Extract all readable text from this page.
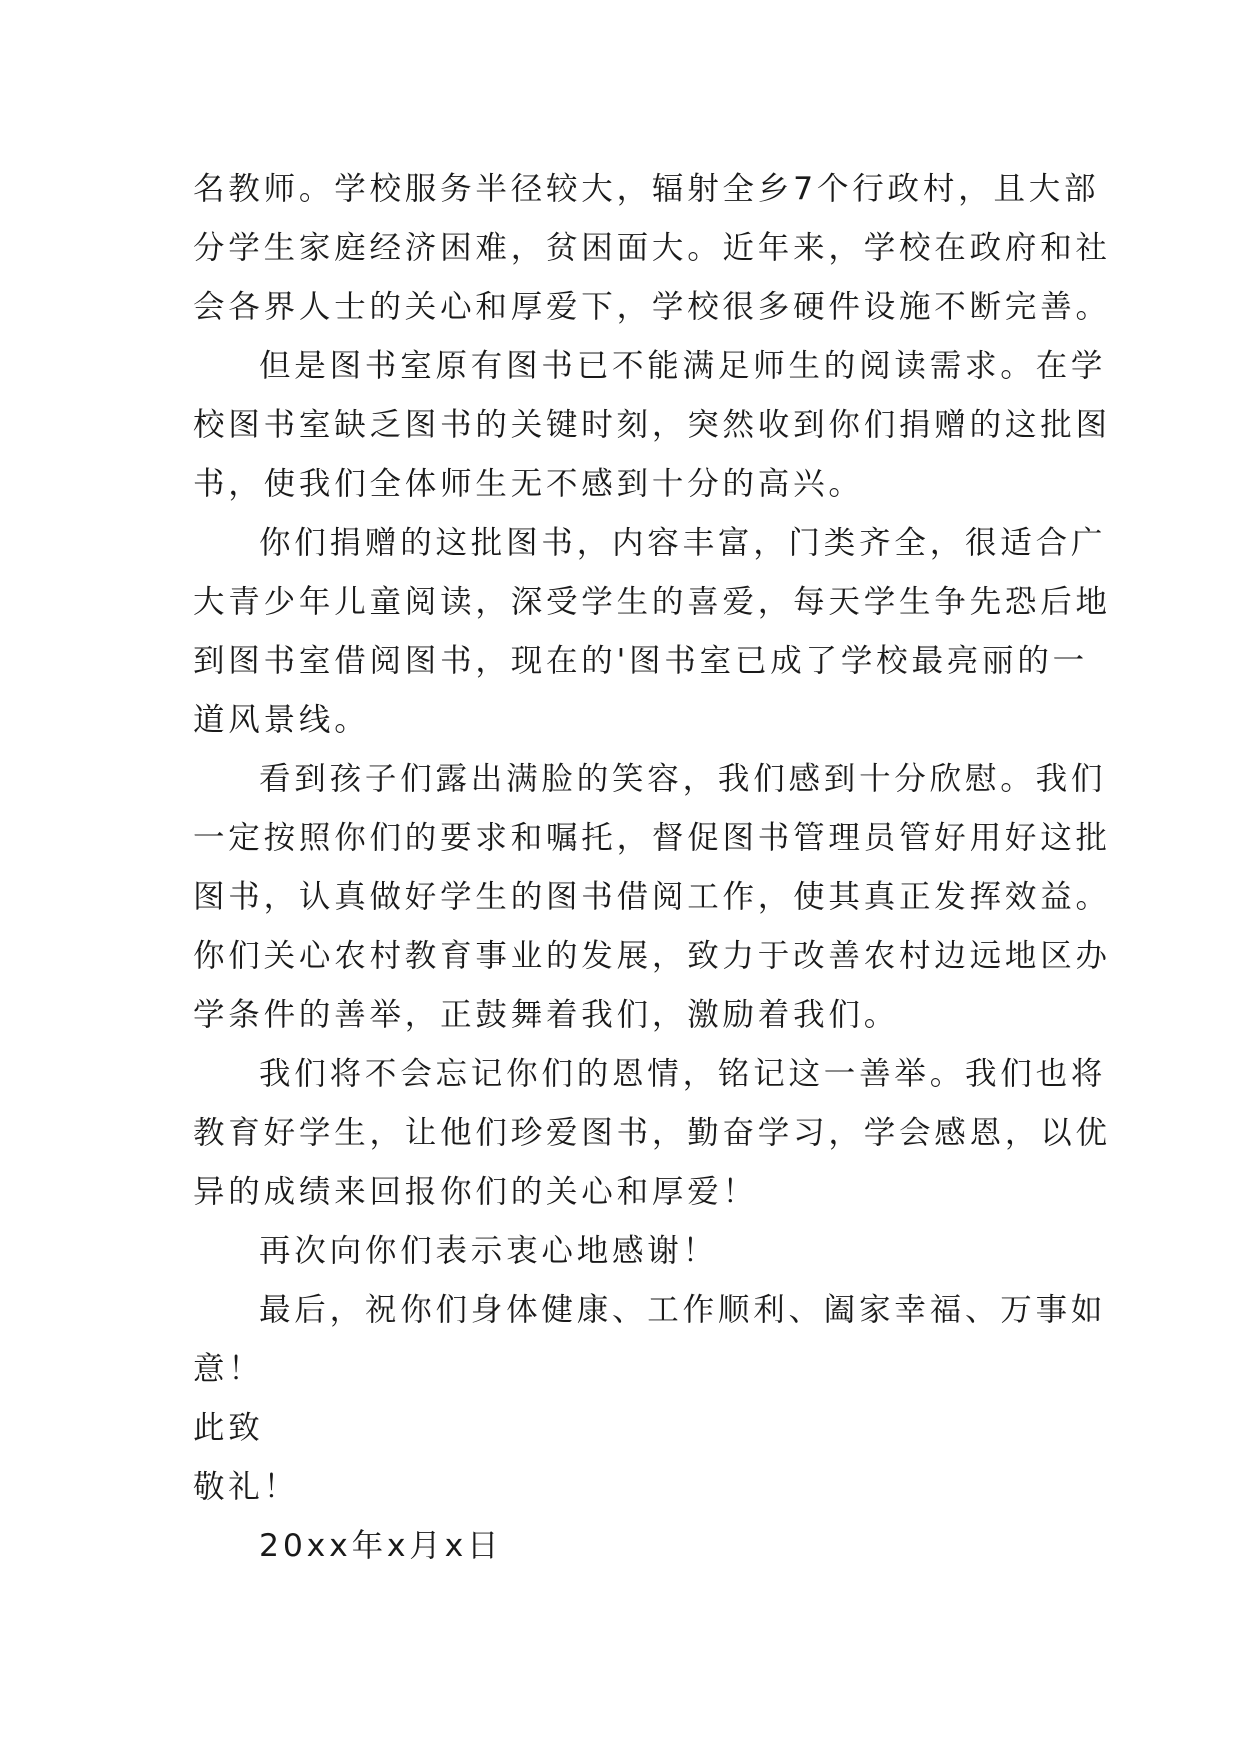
名教师。学校服务半径较大，辐射全乡7个行政村，且大部
分学生家庭经济困难，贫困面大。近年来，学校在政府和社
会各界人士的关心和厚爱下，学校很多硬件设施不断完善。
但是图书室原有图书已不能满足师生的阅读需求。在学
校图书室缺乏图书的关键时刻，突然收到你们捐赠的这批图
书，使我们全体师生无不感到十分的高兴。
你们捐赠的这批图书，内容丰富，门类齐全，很适合广
大青少年儿童阅读，深受学生的喜爱，每天学生争先恐后地
到图书室借阅图书，现在的'图书室已成了学校最亮丽的一
道风景线。
看到孩子们露出满脸的笑容，我们感到十分欣慰。我们
一定按照你们的要求和嘱托，督促图书管理员管好用好这批
图书，认真做好学生的图书借阅工作，使其真正发挥效益。
你们关心农村教育事业的发展，致力于改善农村边远地区办
学条件的善举，正鼓舞着我们，激励着我们。
我们将不会忘记你们的恩情，铭记这一善举。我们也将
教育好学生，让他们珍爱图书，勤奋学习，学会感恩，以优
异的成绩来回报你们的关心和厚爱！
再次向你们表示衷心地感谢！
最后，祝你们身体健康、工作顺利、阖家幸福、万事如
意！
此致
敬礼！
20xx年x月x日
